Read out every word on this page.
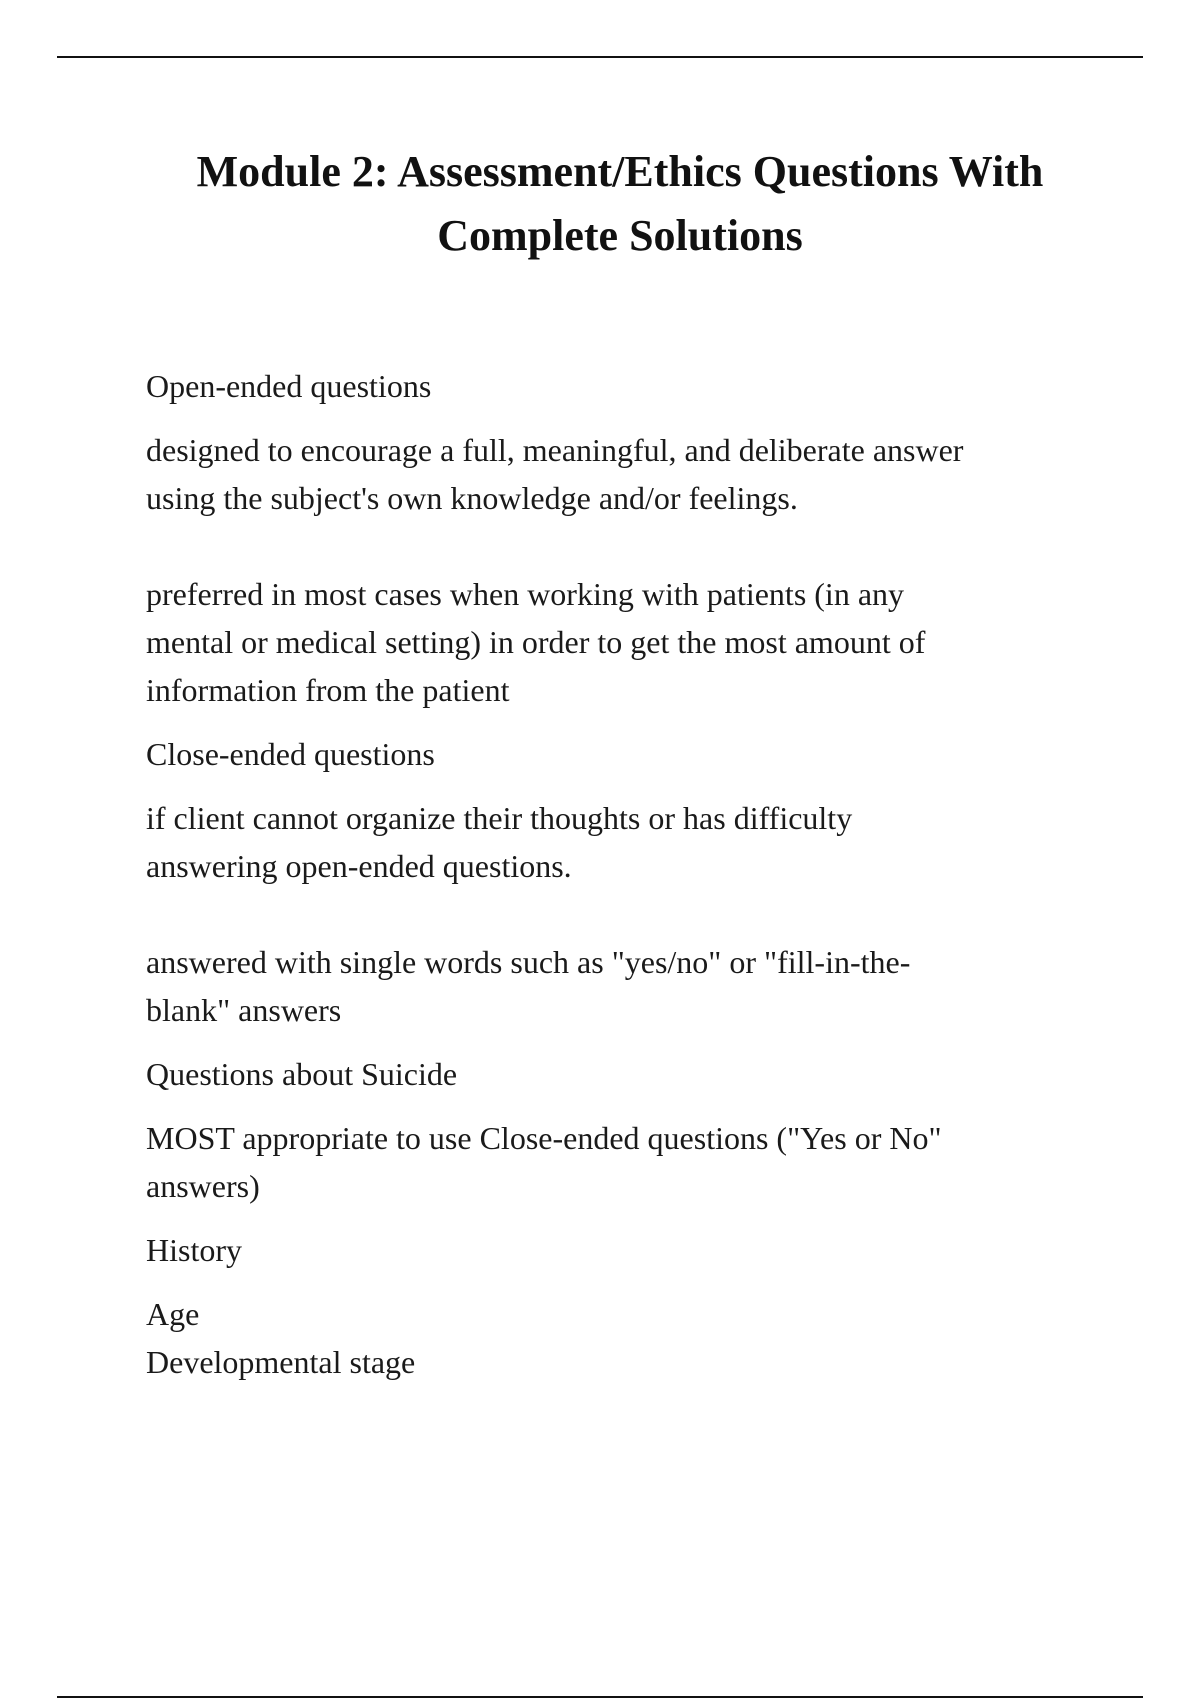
Module 2: Assessment/Ethics Questions With
Complete Solutions

Open-ended questions

designed to encourage a full, meaningful, and deliberate answer
using the subject's own knowledge and/or feelings.

preferred in most cases when working with patients (in any
mental or medical setting) in order to get the most amount of
information from the patient

Close-ended questions

if client cannot organize their thoughts or has difficulty
answering open-ended questions.

answered with single words such as "yes/no" or "fill-in-the-
blank" answers

Questions about Suicide

MOST appropriate to use Close-ended questions ("Yes or No"
answers)

History

Age
Developmental stage
